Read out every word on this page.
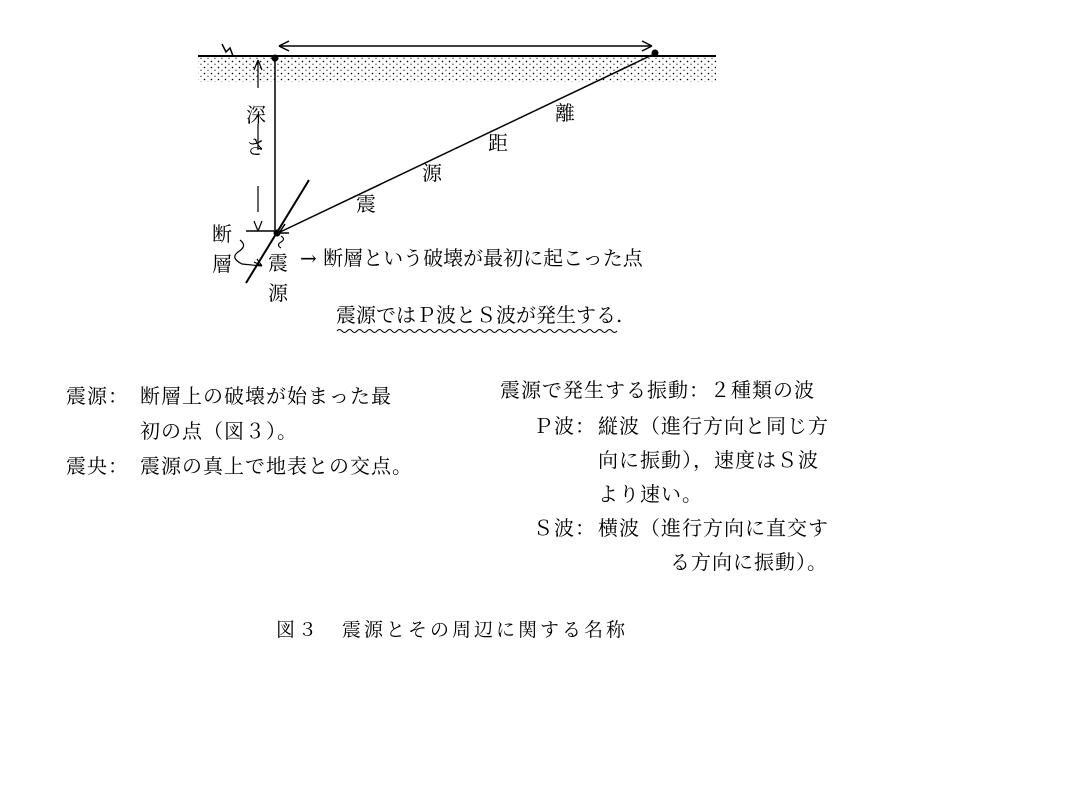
深
さ
断
層 震
源
震
源
距
離
→ 断層という破壊が最初に起こった点
震源ではＰ波とＳ波が発生する.
震源： 断層上の破壊が始まった最
初の点（図３）。
震央： 震源の真上で地表との交点。
震源で発生する振動：２種類の波
Ｐ波： 縦波（進行方向と同じ方
向に振動），速度はＳ波
より速い。
Ｓ波： 横波（進行方向に直交す
る方向に振動）。
図３　震源とその周辺に関する名称
